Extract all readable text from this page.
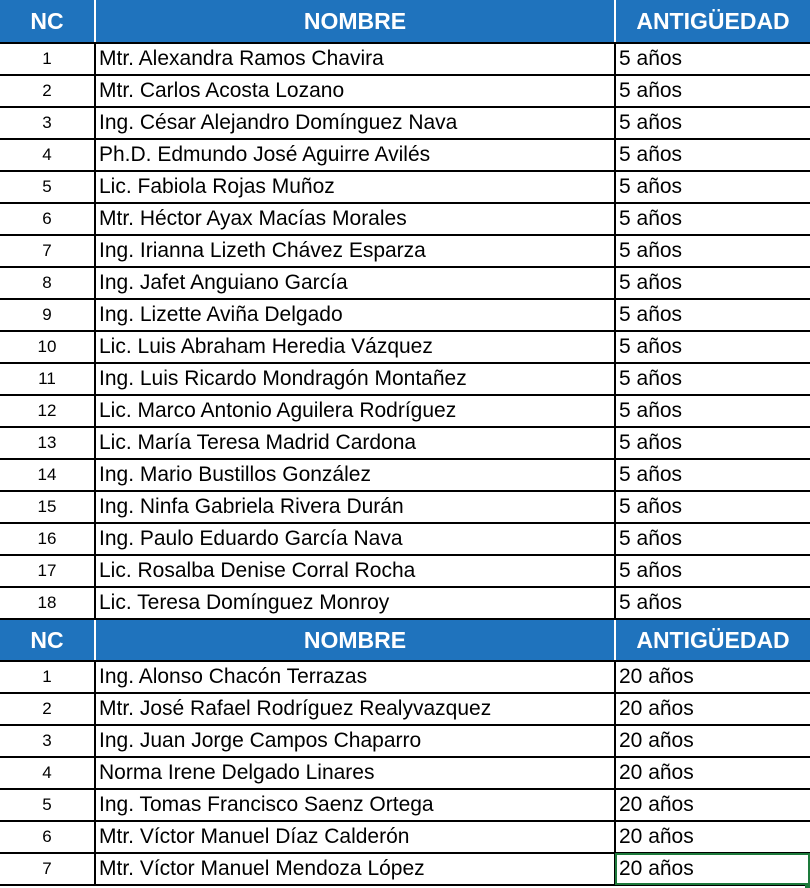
NC	NOMBRE	ANTIGÜEDAD
1	Mtr. Alexandra Ramos Chavira	5 años
2	Mtr. Carlos Acosta Lozano	5 años
3	Ing. César Alejandro Domínguez Nava	5 años
4	Ph.D. Edmundo José Aguirre Avilés	5 años
5	Lic. Fabiola Rojas Muñoz	5 años
6	Mtr. Héctor Ayax Macías Morales	5 años
7	Ing. Irianna Lizeth Chávez Esparza	5 años
8	Ing. Jafet Anguiano García	5 años
9	Ing. Lizette Aviña Delgado	5 años
10	Lic. Luis Abraham Heredia Vázquez	5 años
11	Ing. Luis Ricardo Mondragón Montañez	5 años
12	Lic. Marco Antonio Aguilera Rodríguez	5 años
13	Lic. María Teresa Madrid Cardona	5 años
14	Ing. Mario Bustillos González	5 años
15	Ing. Ninfa Gabriela Rivera Durán	5 años
16	Ing. Paulo Eduardo García Nava	5 años
17	Lic. Rosalba Denise Corral Rocha	5 años
18	Lic. Teresa Domínguez Monroy	5 años
NC	NOMBRE	ANTIGÜEDAD
1	Ing. Alonso Chacón Terrazas	20 años
2	Mtr. José Rafael Rodríguez Realyvazquez	20 años
3	Ing. Juan Jorge Campos Chaparro	20 años
4	Norma Irene Delgado Linares	20 años
5	Ing. Tomas Francisco Saenz Ortega	20 años
6	Mtr. Víctor Manuel Díaz Calderón	20 años
7	Mtr. Víctor Manuel Mendoza López	20 años
